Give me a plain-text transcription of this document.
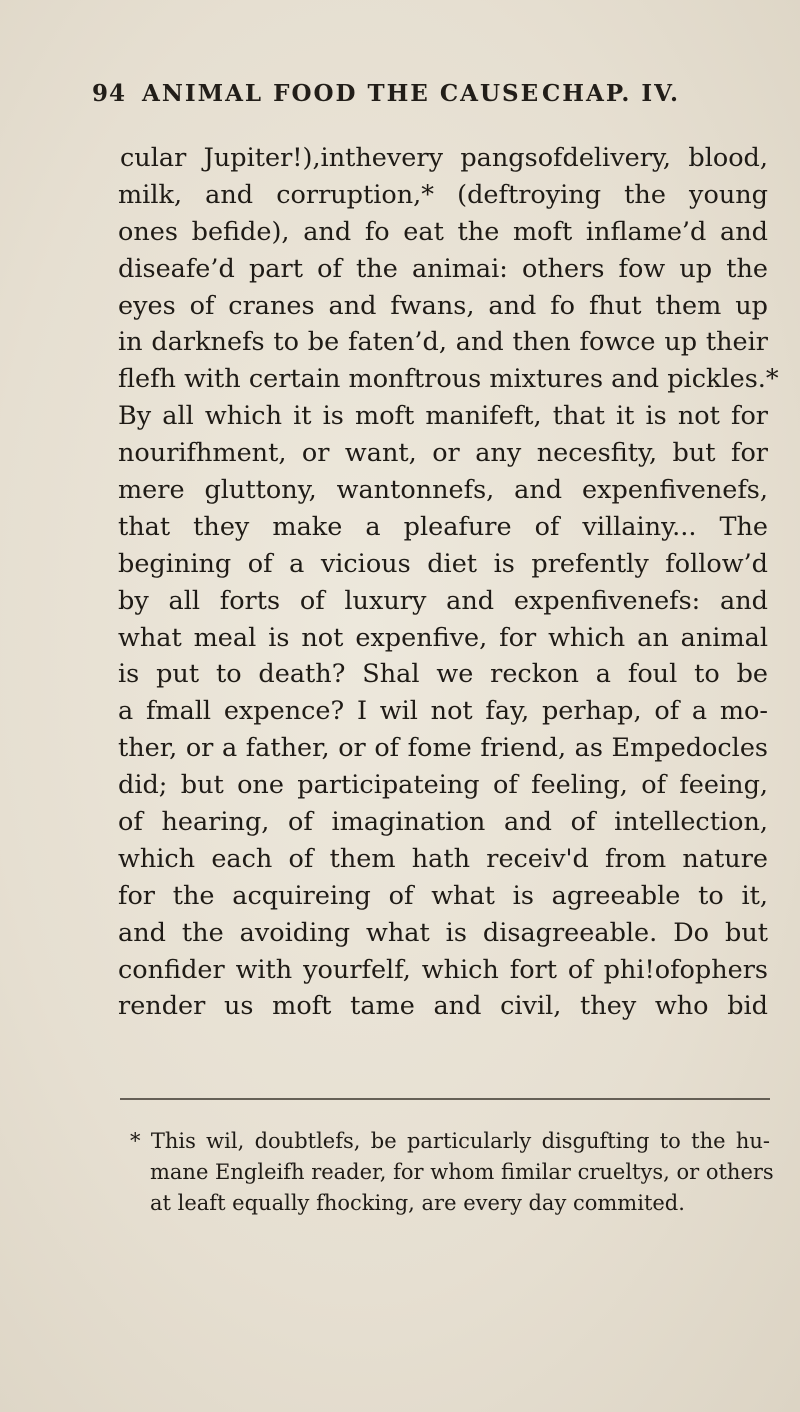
94 ANIMAL FOOD THE CAUSE CHAP. IV.
cular Jupiter!),inthevery pangsofdelivery, blood,
milk, and corruption,* (deftroying the young
ones befide), and fo eat the moft inflame’d and
diseafe’d part of the animai: others fow up the
eyes of cranes and fwans, and fo fhut them up
in darknefs to be faten’d, and then fowce up their
flefh with certain monftrous mixtures and pickles.*
By all which it is moft manifeft, that it is not for
nourifhment, or want, or any necesfity, but for
mere gluttony, wantonnefs, and expenfivenefs,
that they make a pleafure of villainy... The
begining of a vicious diet is prefently follow’d
by all forts of luxury and expenfivenefs: and
what meal is not expenfive, for which an animal
is put to death? Shal we reckon a foul to be
a fmall expence? I wil not fay, perhap, of a mo-
ther, or a father, or of fome friend, as Empedocles
did; but one participateing of feeling, of feeing,
of hearing, of imagination and of intellection,
which each of them hath receiv'd from nature
for the acquireing of what is agreeable to it,
and the avoiding what is disagreeable. Do but
confider with yourfelf, which fort of phi!ofophers
render us moft tame and civil, they who bid
* This wil, doubtlefs, be particularly disgufting to the hu-
mane Engleifh reader, for whom fimilar crueltys, or others
at leaft equally fhocking, are every day commited.
